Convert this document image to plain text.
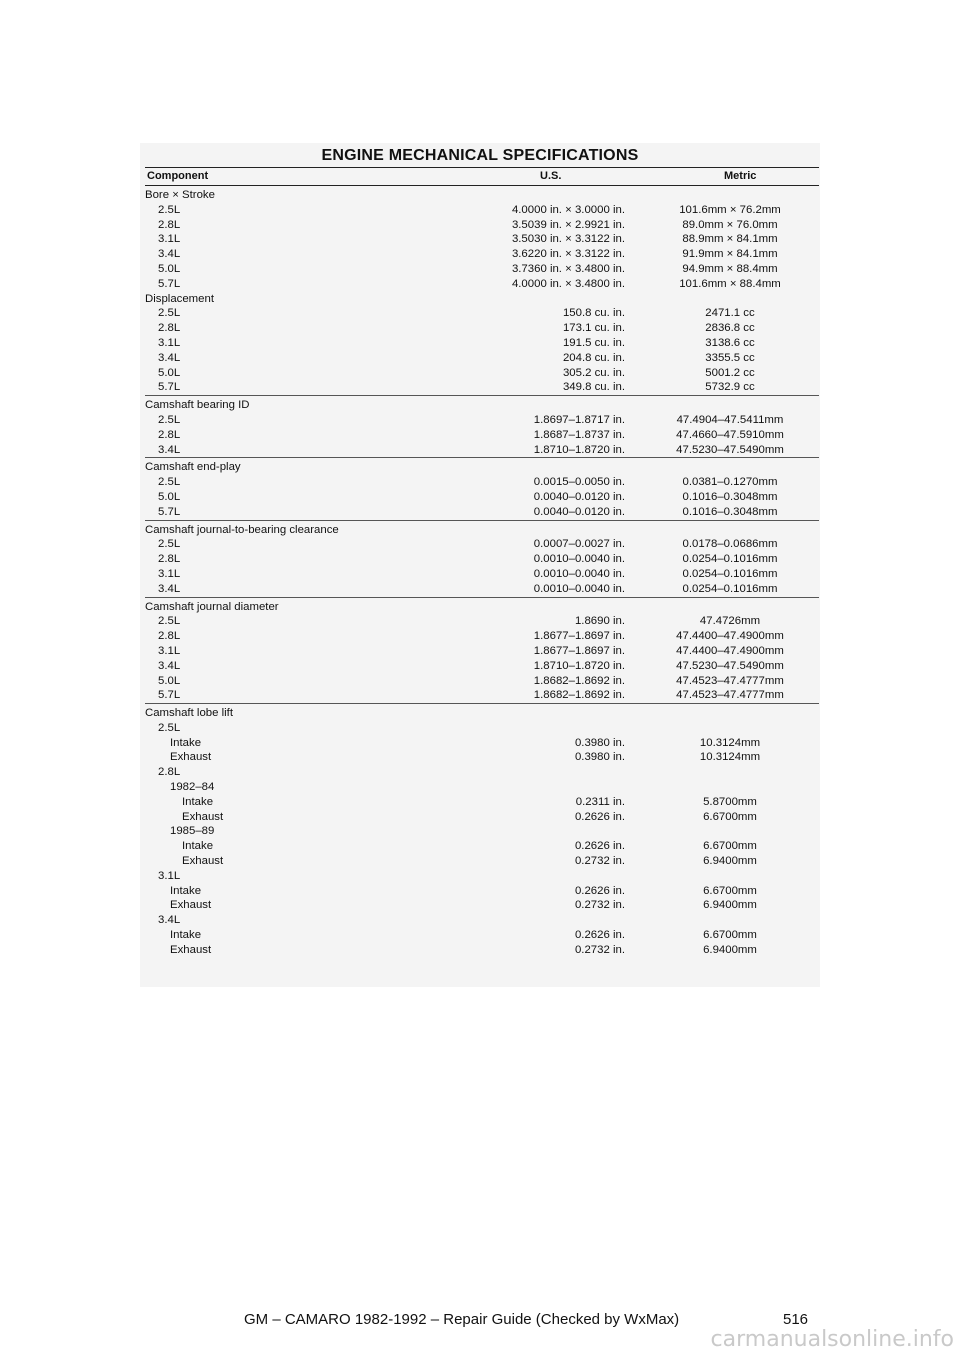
ENGINE MECHANICAL SPECIFICATIONS
Component	U.S.	Metric
Bore × Stroke
2.5L	4.0000 in. × 3.0000 in.	101.6mm × 76.2mm
2.8L	3.5039 in. × 2.9921 in.	89.0mm × 76.0mm
3.1L	3.5030 in. × 3.3122 in.	88.9mm × 84.1mm
3.4L	3.6220 in. × 3.3122 in.	91.9mm × 84.1mm
5.0L	3.7360 in. × 3.4800 in.	94.9mm × 88.4mm
5.7L	4.0000 in. × 3.4800 in.	101.6mm × 88.4mm
Displacement
2.5L	150.8 cu. in.	2471.1 cc
2.8L	173.1 cu. in.	2836.8 cc
3.1L	191.5 cu. in.	3138.6 cc
3.4L	204.8 cu. in.	3355.5 cc
5.0L	305.2 cu. in.	5001.2 cc
5.7L	349.8 cu. in.	5732.9 cc
Camshaft bearing ID
2.5L	1.8697–1.8717 in.	47.4904–47.5411mm
2.8L	1.8687–1.8737 in.	47.4660–47.5910mm
3.4L	1.8710–1.8720 in.	47.5230–47.5490mm
Camshaft end-play
2.5L	0.0015–0.0050 in.	0.0381–0.1270mm
5.0L	0.0040–0.0120 in.	0.1016–0.3048mm
5.7L	0.0040–0.0120 in.	0.1016–0.3048mm
Camshaft journal-to-bearing clearance
2.5L	0.0007–0.0027 in.	0.0178–0.0686mm
2.8L	0.0010–0.0040 in.	0.0254–0.1016mm
3.1L	0.0010–0.0040 in.	0.0254–0.1016mm
3.4L	0.0010–0.0040 in.	0.0254–0.1016mm
Camshaft journal diameter
2.5L	1.8690 in.	47.4726mm
2.8L	1.8677–1.8697 in.	47.4400–47.4900mm
3.1L	1.8677–1.8697 in.	47.4400–47.4900mm
3.4L	1.8710–1.8720 in.	47.5230–47.5490mm
5.0L	1.8682–1.8692 in.	47.4523–47.4777mm
5.7L	1.8682–1.8692 in.	47.4523–47.4777mm
Camshaft lobe lift
2.5L
Intake	0.3980 in.	10.3124mm
Exhaust	0.3980 in.	10.3124mm
2.8L
1982–84
Intake	0.2311 in.	5.8700mm
Exhaust	0.2626 in.	6.6700mm
1985–89
Intake	0.2626 in.	6.6700mm
Exhaust	0.2732 in.	6.9400mm
3.1L
Intake	0.2626 in.	6.6700mm
Exhaust	0.2732 in.	6.9400mm
3.4L
Intake	0.2626 in.	6.6700mm
Exhaust	0.2732 in.	6.9400mm
GM – CAMARO 1982-1992 – Repair Guide (Checked by WxMax)	516
carmanualsonline.info
